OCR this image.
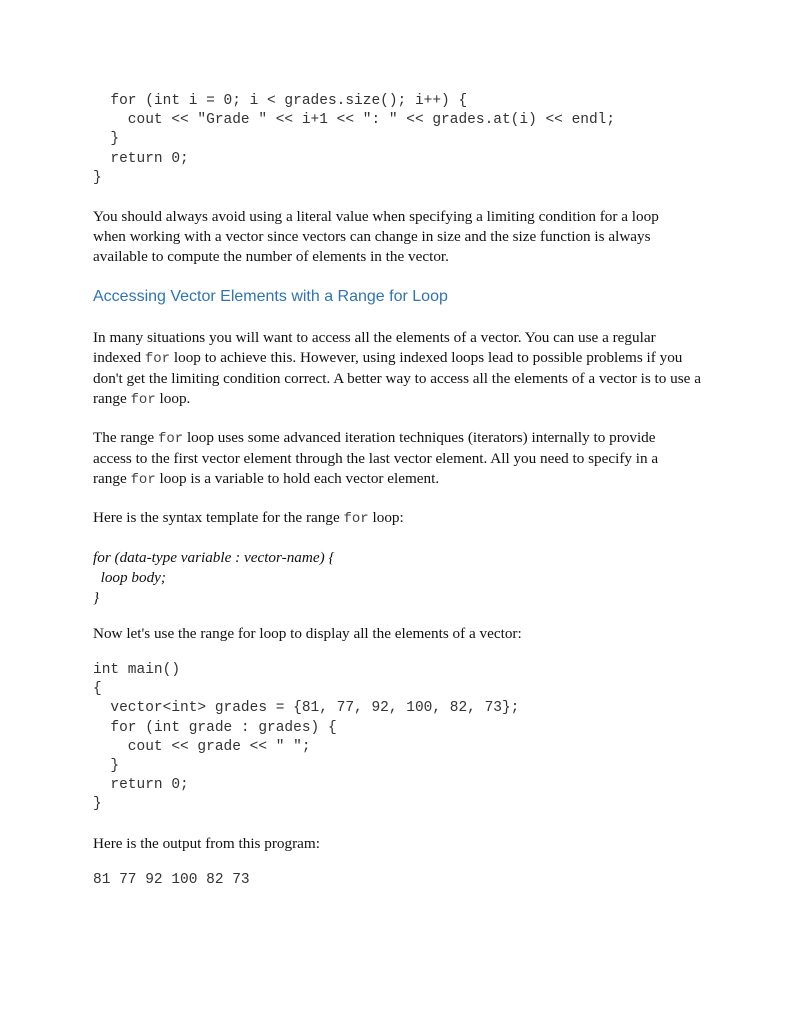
for (int i = 0; i < grades.size(); i++) {
cout << "Grade " << i+1 << ": " << grades.at(i) << endl;
}
return 0;
}

You should always avoid using a literal value when specifying a limiting condition for a loop when working with a vector since vectors can change in size and the size function is always available to compute the number of elements in the vector.

Accessing Vector Elements with a Range for Loop

In many situations you will want to access all the elements of a vector. You can use a regular indexed for loop to achieve this. However, using indexed loops lead to possible problems if you don't get the limiting condition correct. A better way to access all the elements of a vector is to use a range for loop.

The range for loop uses some advanced iteration techniques (iterators) internally to provide access to the first vector element through the last vector element. All you need to specify in a range for loop is a variable to hold each vector element.

Here is the syntax template for the range for loop:

for (data-type variable : vector-name) {
loop body;
}

Now let's use the range for loop to display all the elements of a vector:

int main()
{
vector<int> grades = {81, 77, 92, 100, 82, 73};
for (int grade : grades) {
cout << grade << " ";
}
return 0;
}

Here is the output from this program:

81 77 92 100 82 73
